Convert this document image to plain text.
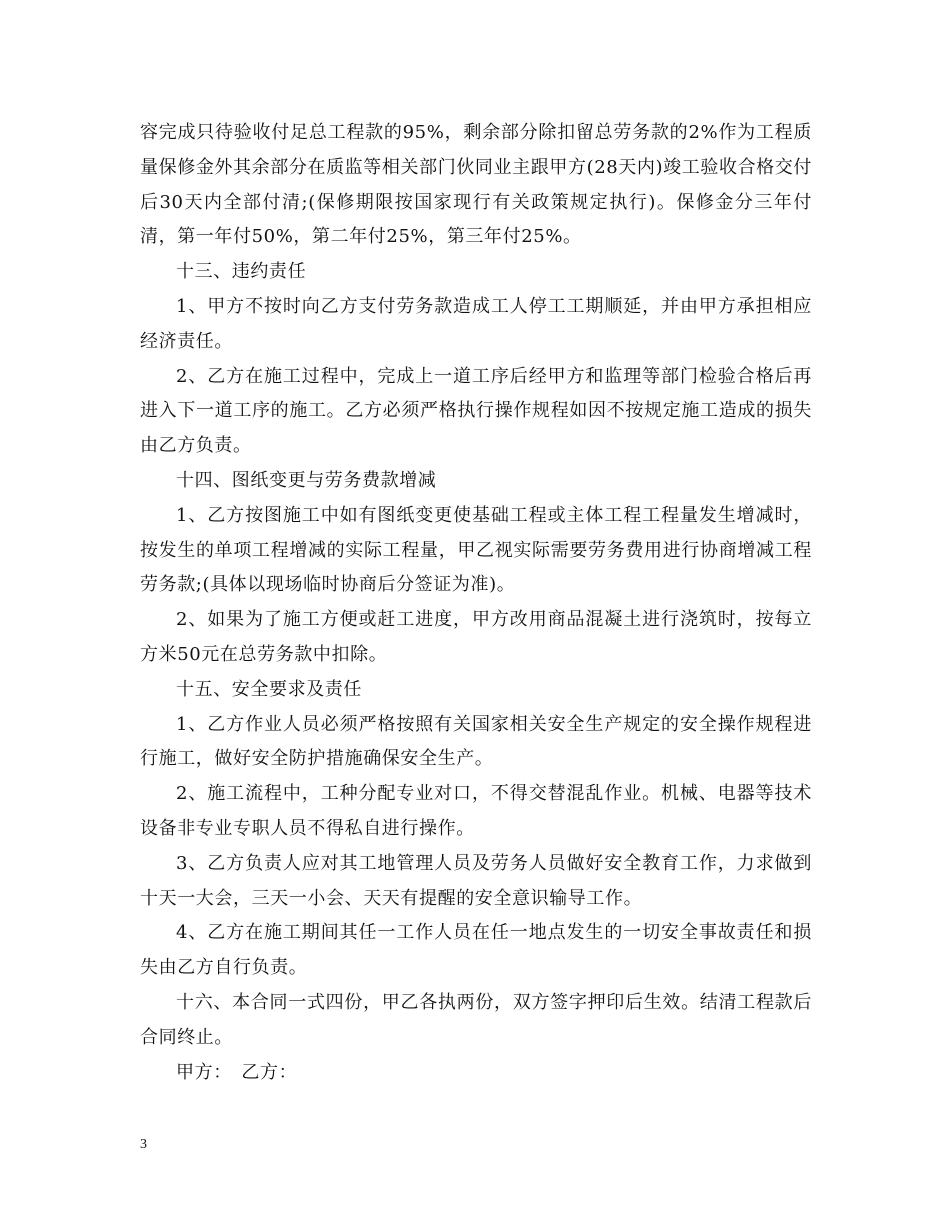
容完成只待验收付足总工程款的95%，剩余部分除扣留总劳务款的2%作为工程质量保修金外其余部分在质监等相关部门伙同业主跟甲方(28天内)竣工验收合格交付后30天内全部付清;(保修期限按国家现行有关政策规定执行)。保修金分三年付清，第一年付50%，第二年付25%，第三年付25%。

十三、违约责任

1、甲方不按时向乙方支付劳务款造成工人停工工期顺延，并由甲方承担相应经济责任。

2、乙方在施工过程中，完成上一道工序后经甲方和监理等部门检验合格后再进入下一道工序的施工。乙方必须严格执行操作规程如因不按规定施工造成的损失由乙方负责。

十四、图纸变更与劳务费款增减

1、乙方按图施工中如有图纸变更使基础工程或主体工程工程量发生增减时，按发生的单项工程增减的实际工程量，甲乙视实际需要劳务费用进行协商增减工程劳务款;(具体以现场临时协商后分签证为准)。

2、如果为了施工方便或赶工进度，甲方改用商品混凝土进行浇筑时，按每立方米50元在总劳务款中扣除。

十五、安全要求及责任

1、乙方作业人员必须严格按照有关国家相关安全生产规定的安全操作规程进行施工，做好安全防护措施确保安全生产。

2、施工流程中，工种分配专业对口，不得交替混乱作业。机械、电器等技术设备非专业专职人员不得私自进行操作。

3、乙方负责人应对其工地管理人员及劳务人员做好安全教育工作，力求做到十天一大会，三天一小会、天天有提醒的安全意识输导工作。

4、乙方在施工期间其任一工作人员在任一地点发生的一切安全事故责任和损失由乙方自行负责。

十六、本合同一式四份，甲乙各执两份，双方签字押印后生效。结清工程款后合同终止。

甲方：　乙方：

3
